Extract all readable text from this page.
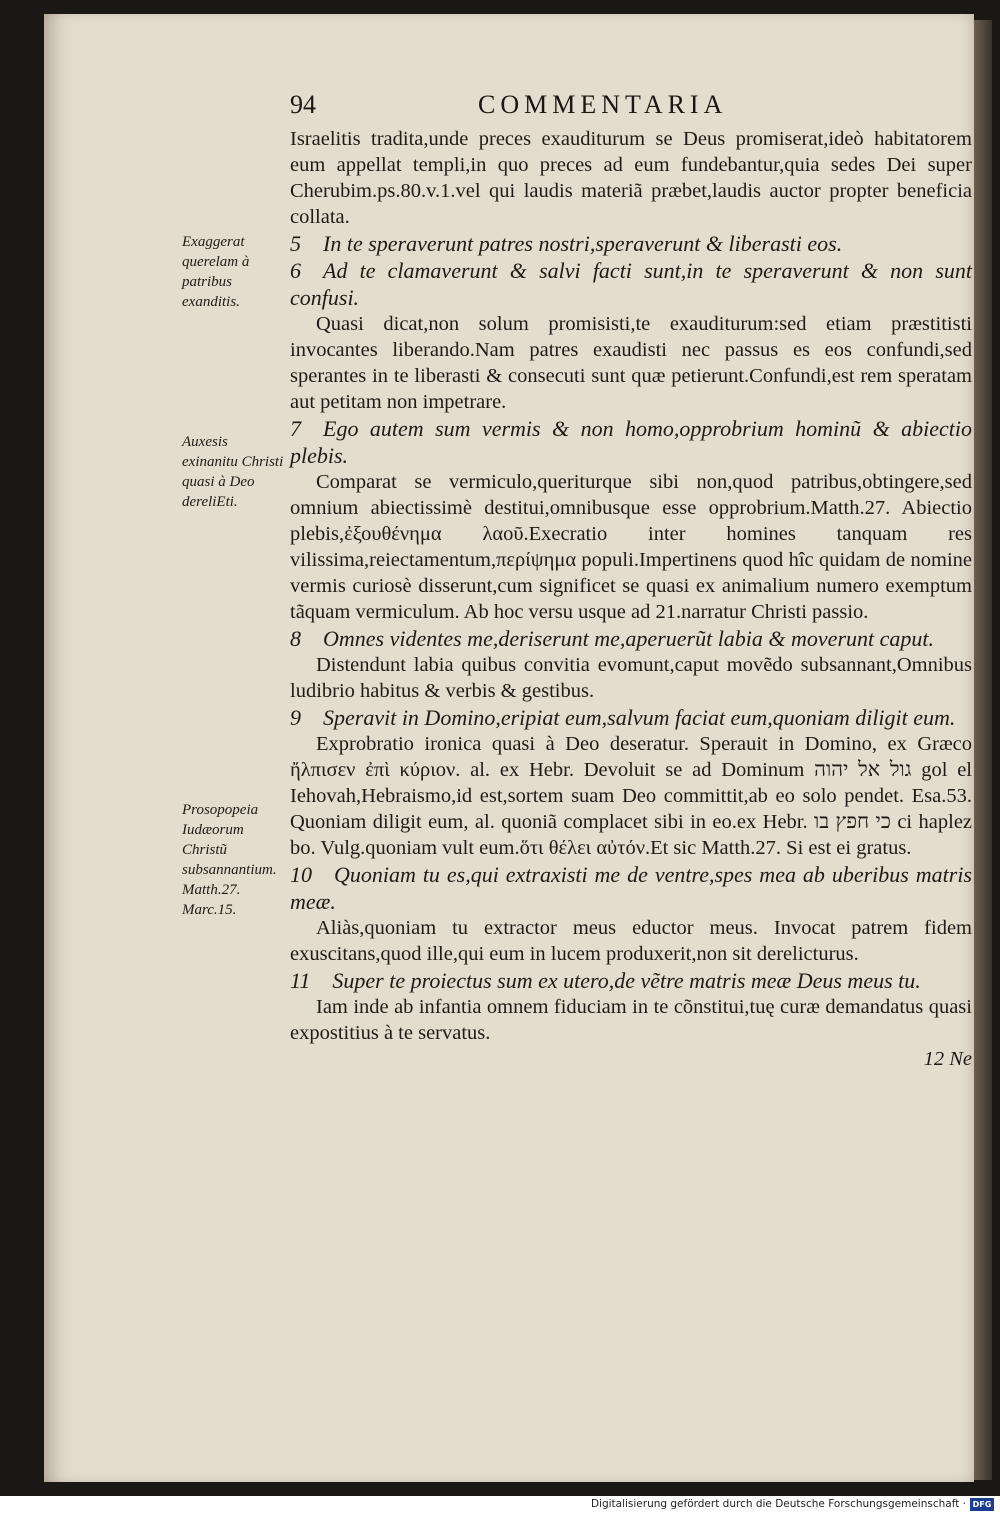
94	COMMENTARIA
Exaggerat querelam à patribus exanditis.
Auxesis exinanitu Christi quasi à Deo dereliEti.
Prosopopeia Iudæorum Christũ subsannantium. Matth.27. Marc.15.

Israelitis tradita,unde preces exauditurum se Deus promiserat,ideò habitatorem eum appellat templi,in quo preces ad eum fundebantur,quia sedes Dei super Cherubim.ps.80.v.1.vel qui laudis materiã præbet,laudis auctor propter beneficia collata.

5 In te speraverunt patres nostri,speraverunt & liberasti eos.

6 Ad te clamaverunt & salvi facti sunt,in te speraverunt & non sunt confusi.

Quasi dicat,non solum promisisti,te exauditurum:sed etiam præstitisti invocantes liberando.Nam patres exaudisti nec passus es eos confundi,sed sperantes in te liberasti & consecuti sunt quæ petierunt.Confundi,est rem speratam aut petitam non impetrare.

7 Ego autem sum vermis & non homo,opprobrium hominũ & abiectio plebis.

Comparat se vermiculo,queriturque sibi non,quod patribus,obtingere,sed omnium abiectissimè destitui,omnibusque esse opprobrium.Matth.27. Abiectio plebis,ἐξουθένημα λαοῦ.Execratio inter homines tanquam res vilissima,reiectamentum,περίψημα populi.Impertinens quod hîc quidam de nomine vermis curiosè disserunt,cum significet se quasi ex animalium numero exemptum tãquam vermiculum. Ab hoc versu usque ad 21.narratur Christi passio.

8 Omnes videntes me,deriserunt me,aperuerũt labia & moverunt caput.

Distendunt labia quibus convitia evomunt,caput movẽdo subsannant,Omnibus ludibrio habitus & verbis & gestibus.

9 Speravit in Domino,eripiat eum,salvum faciat eum,quoniam diligit eum.

Exprobratio ironica quasi à Deo deseratur. Sperauit in Domino, ex Græco ἤλπισεν ἐπὶ κύριον. al. ex Hebr. Devoluit se ad Dominum גול אל יהוה gol el Iehovah,Hebraismo,id est,sortem suam Deo committit,ab eo solo pendet. Esa.53. Quoniam diligit eum, al. quoniã complacet sibi in eo.ex Hebr. כי חפץ בו ci haplez bo. Vulg.quoniam vult eum.ὅτι θέλει αὐτόν.Et sic Matth.27. Si est ei gratus.

10 Quoniam tu es,qui extraxisti me de ventre,spes mea ab uberibus matris meæ.

Aliàs,quoniam tu extractor meus eductor meus. Invocat patrem fidem exuscitans,quod ille,qui eum in lucem produxerit,non sit derelicturus.

11 Super te proiectus sum ex utero,de vẽtre matris meæ Deus meus tu.

Iam inde ab infantia omnem fiduciam in te cõnstitui,tuę curæ demandatus quasi expostitius à te servatus.

12 Ne
Digitalisierung gefördert durch die Deutsche Forschungsgemeinschaft · DFG
